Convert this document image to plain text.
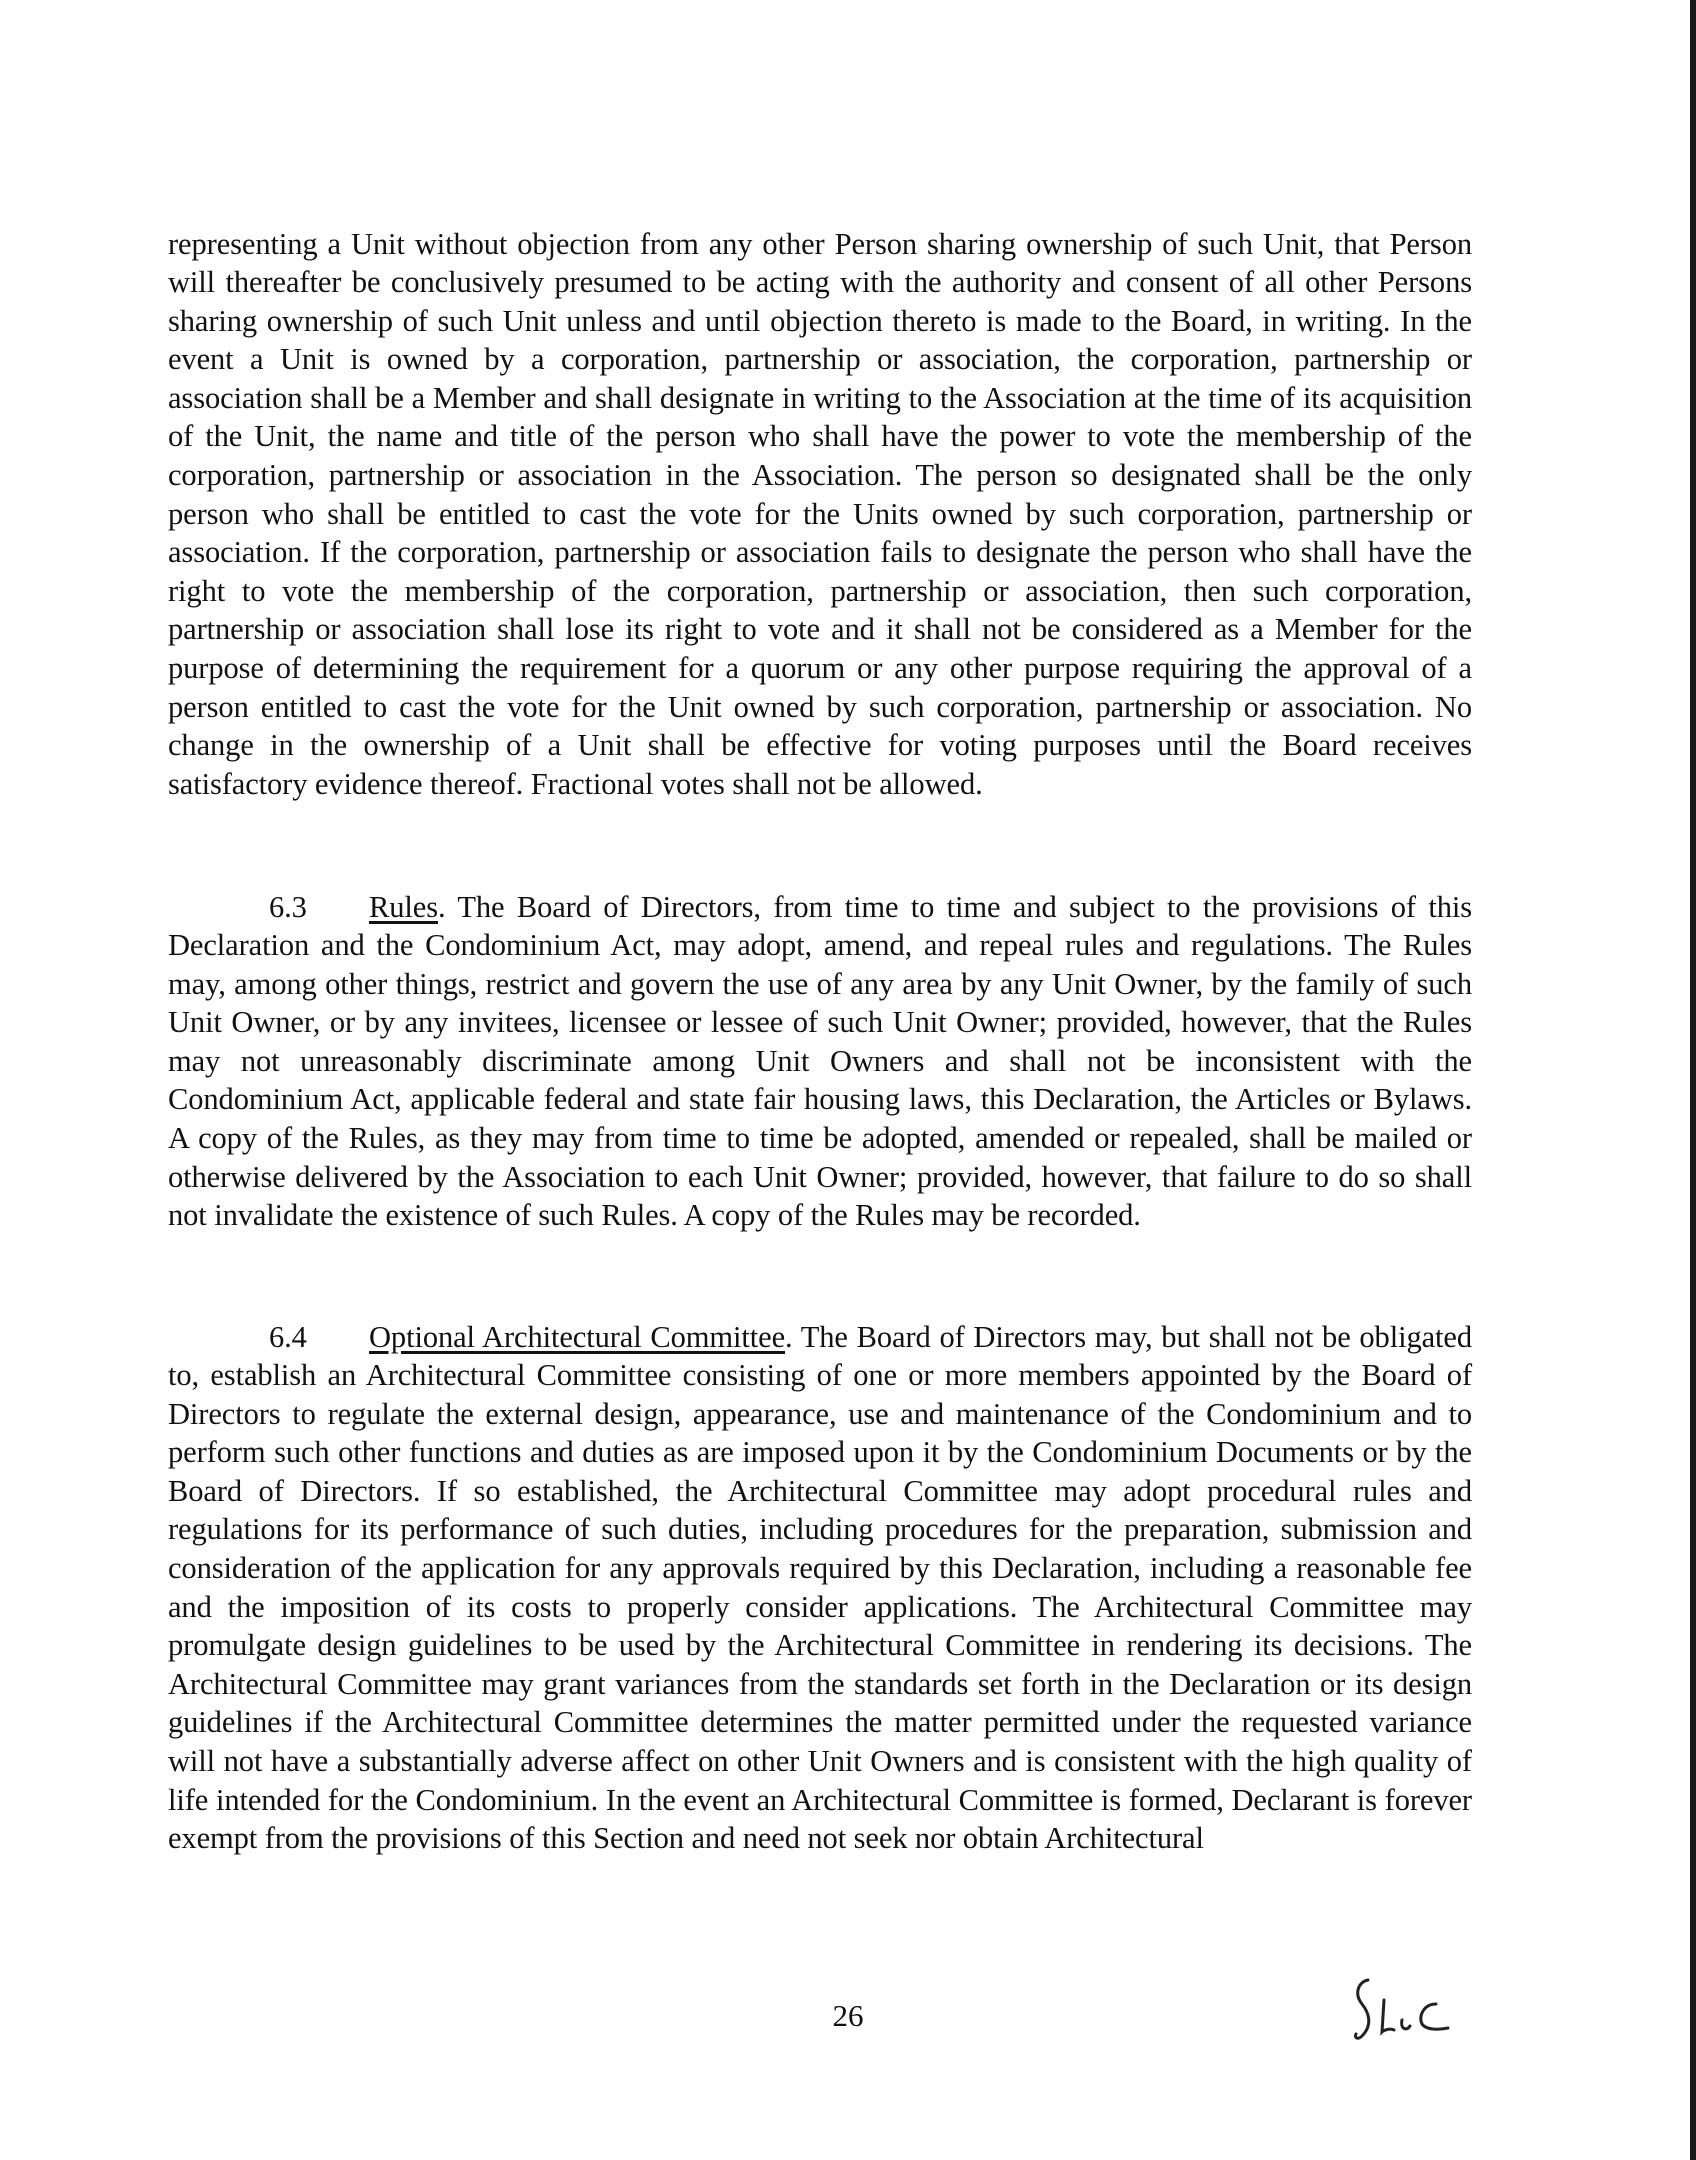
representing a Unit without objection from any other Person sharing ownership of such Unit, that Person will thereafter be conclusively presumed to be acting with the authority and consent of all other Persons sharing ownership of such Unit unless and until objection thereto is made to the Board, in writing. In the event a Unit is owned by a corporation, partnership or association, the corporation, partnership or association shall be a Member and shall designate in writing to the Association at the time of its acquisition of the Unit, the name and title of the person who shall have the power to vote the membership of the corporation, partnership or association in the Association. The person so designated shall be the only person who shall be entitled to cast the vote for the Units owned by such corporation, partnership or association. If the corporation, partnership or association fails to designate the person who shall have the right to vote the membership of the corporation, partnership or association, then such corporation, partnership or association shall lose its right to vote and it shall not be considered as a Member for the purpose of determining the requirement for a quorum or any other purpose requiring the approval of a person entitled to cast the vote for the Unit owned by such corporation, partnership or association. No change in the ownership of a Unit shall be effective for voting purposes until the Board receives satisfactory evidence thereof. Fractional votes shall not be allowed.

6.3 Rules. The Board of Directors, from time to time and subject to the provisions of this Declaration and the Condominium Act, may adopt, amend, and repeal rules and regulations. The Rules may, among other things, restrict and govern the use of any area by any Unit Owner, by the family of such Unit Owner, or by any invitees, licensee or lessee of such Unit Owner; provided, however, that the Rules may not unreasonably discriminate among Unit Owners and shall not be inconsistent with the Condominium Act, applicable federal and state fair housing laws, this Declaration, the Articles or Bylaws. A copy of the Rules, as they may from time to time be adopted, amended or repealed, shall be mailed or otherwise delivered by the Association to each Unit Owner; provided, however, that failure to do so shall not invalidate the existence of such Rules. A copy of the Rules may be recorded.

6.4 Optional Architectural Committee. The Board of Directors may, but shall not be obligated to, establish an Architectural Committee consisting of one or more members appointed by the Board of Directors to regulate the external design, appearance, use and maintenance of the Condominium and to perform such other functions and duties as are imposed upon it by the Condominium Documents or by the Board of Directors. If so established, the Architectural Committee may adopt procedural rules and regulations for its performance of such duties, including procedures for the preparation, submission and consideration of the application for any approvals required by this Declaration, including a reasonable fee and the imposition of its costs to properly consider applications. The Architectural Committee may promulgate design guidelines to be used by the Architectural Committee in rendering its decisions. The Architectural Committee may grant variances from the standards set forth in the Declaration or its design guidelines if the Architectural Committee determines the matter permitted under the requested variance will not have a substantially adverse affect on other Unit Owners and is consistent with the high quality of life intended for the Condominium. In the event an Architectural Committee is formed, Declarant is forever exempt from the provisions of this Section and need not seek nor obtain Architectural

26
